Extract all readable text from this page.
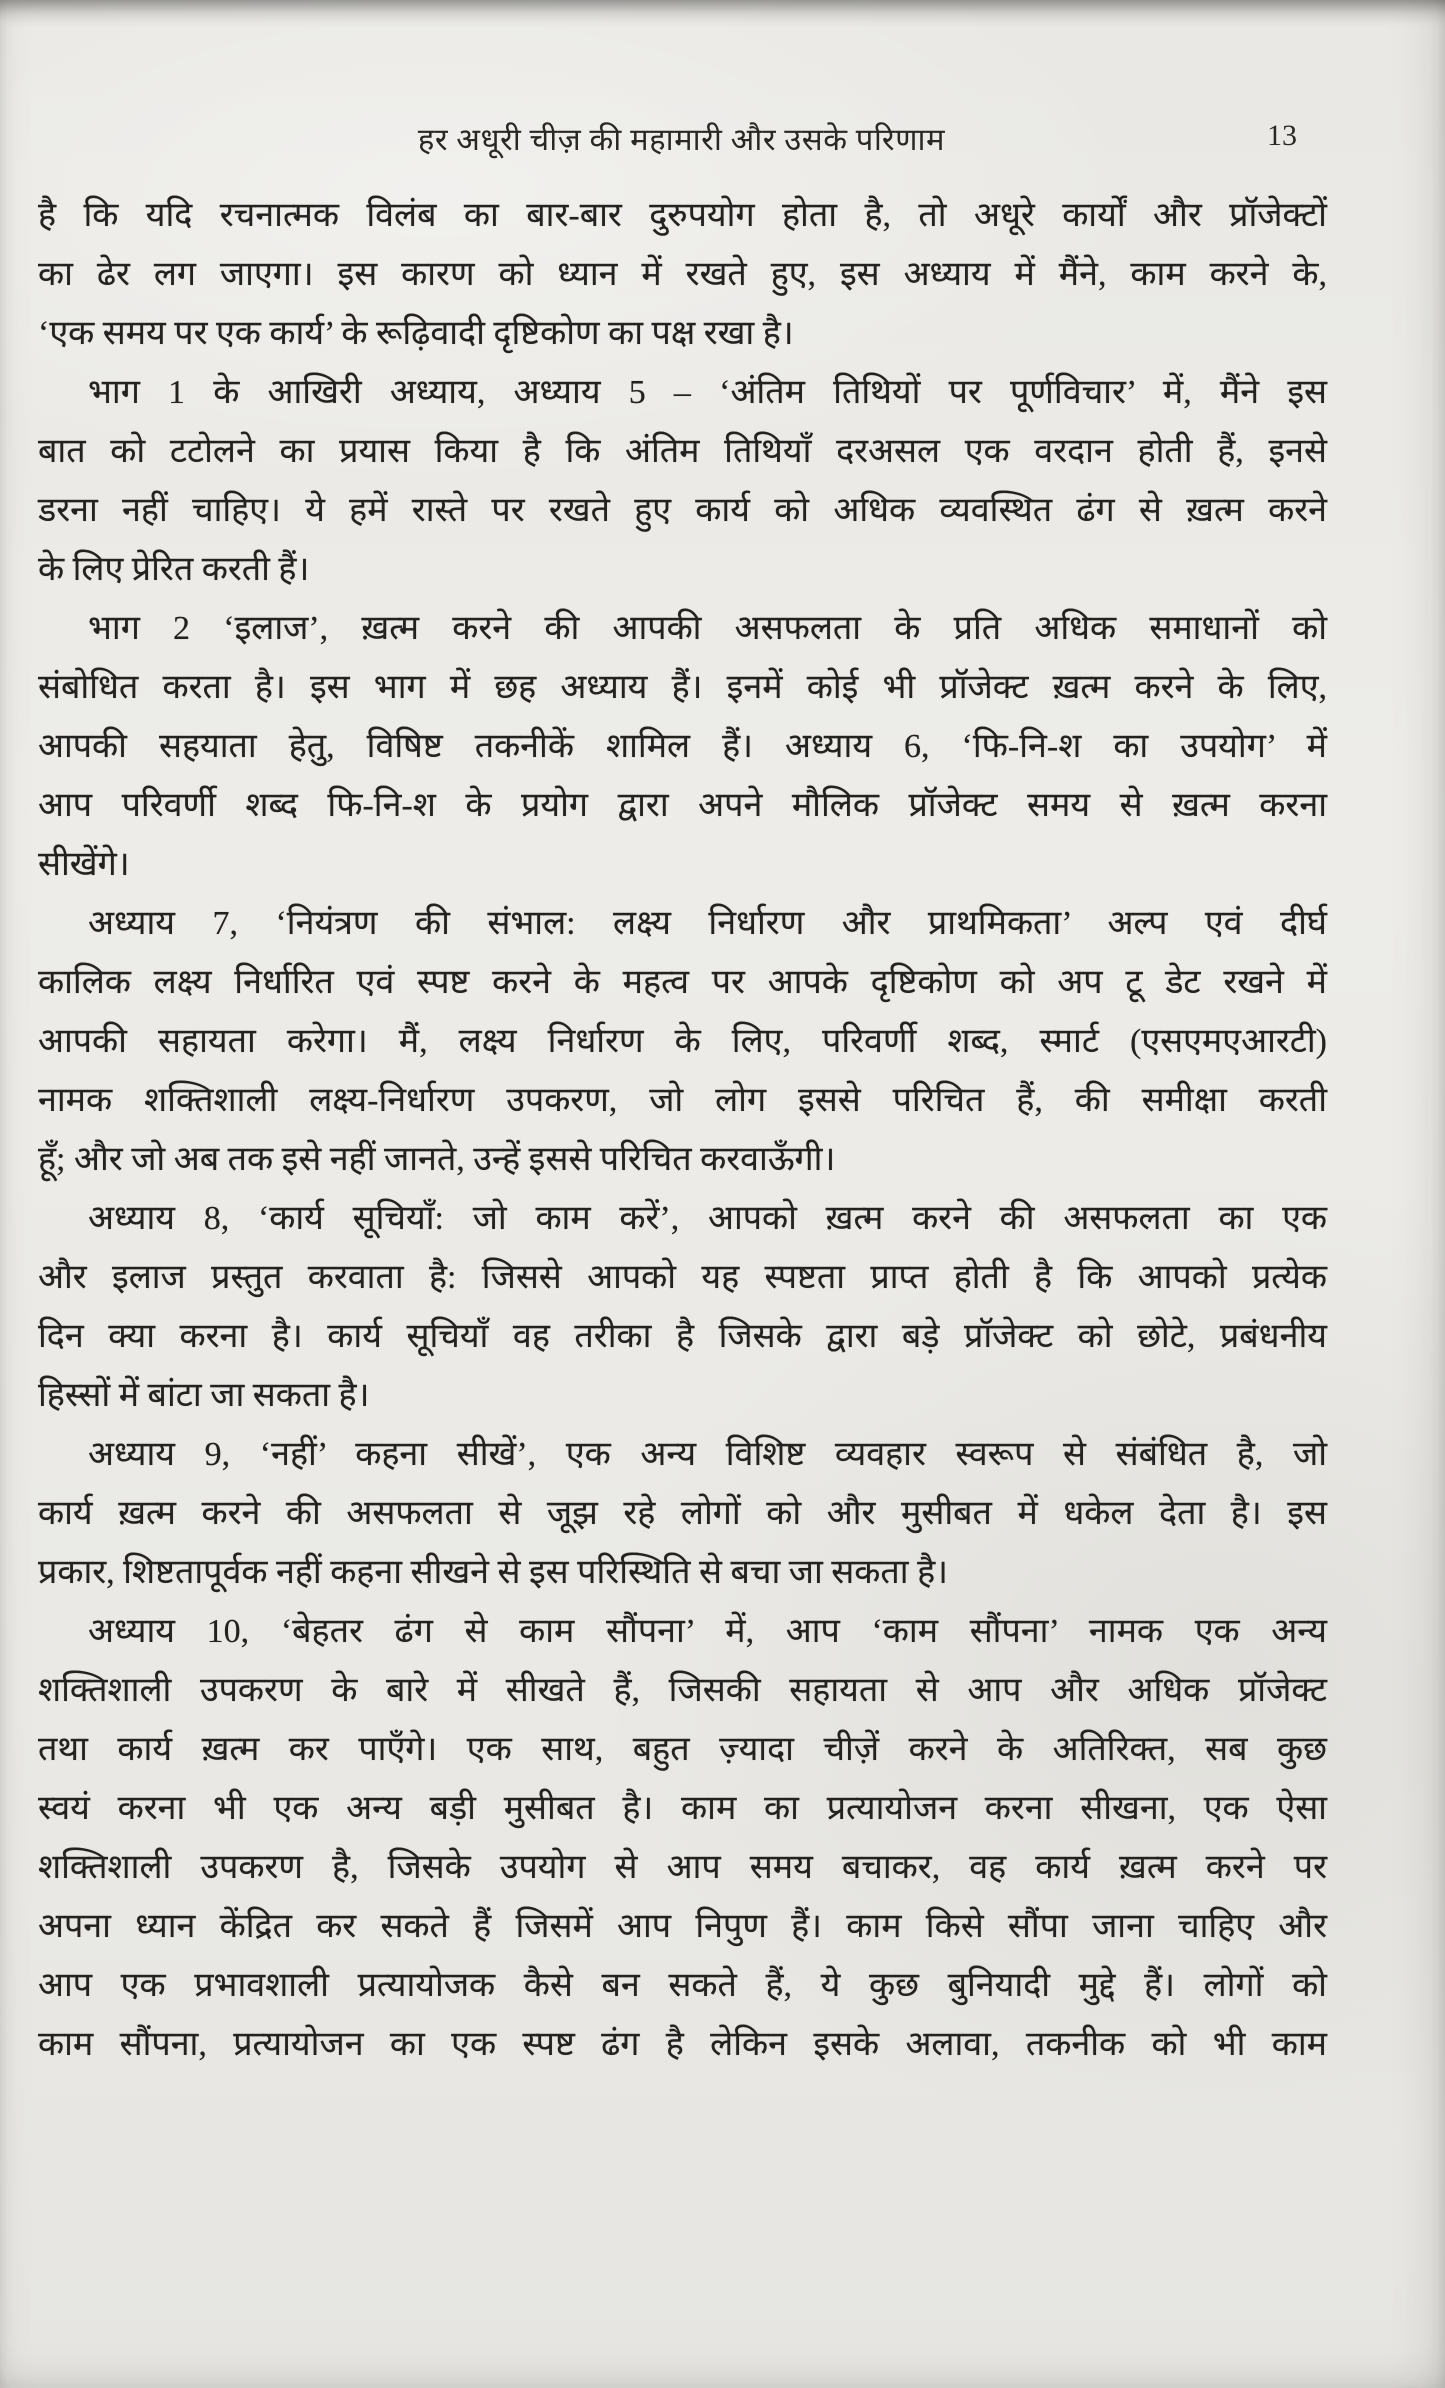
हर अधूरी चीज़ की महामारी और उसके परिणाम	13
है कि यदि रचनात्मक विलंब का बार-बार दुरुपयोग होता है, तो अधूरे कार्यों और प्रॉजेक्टों
का ढेर लग जाएगा। इस कारण को ध्यान में रखते हुए, इस अध्याय में मैंने, काम करने के,
‘एक समय पर एक कार्य’ के रूढ़िवादी दृष्टिकोण का पक्ष रखा है।
भाग 1 के आखिरी अध्याय, अध्याय 5 – ‘अंतिम तिथियों पर पूर्णविचार’ में, मैंने इस
बात को टटोलने का प्रयास किया है कि अंतिम तिथियाँ दरअसल एक वरदान होती हैं, इनसे
डरना नहीं चाहिए। ये हमें रास्ते पर रखते हुए कार्य को अधिक व्यवस्थित ढंग से ख़त्म करने
के लिए प्रेरित करती हैं।
भाग 2 ‘इलाज’, ख़त्म करने की आपकी असफलता के प्रति अधिक समाधानों को
संबोधित करता है। इस भाग में छह अध्याय हैं। इनमें कोई भी प्रॉजेक्ट ख़त्म करने के लिए,
आपकी सहयाता हेतु, विषिष्ट तकनीकें शामिल हैं। अध्याय 6, ‘फि-नि-श का उपयोग’ में
आप परिवर्णी शब्द फि-नि-श के प्रयोग द्वारा अपने मौलिक प्रॉजेक्ट समय से ख़त्म करना
सीखेंगे।
अध्याय 7, ‘नियंत्रण की संभाल: लक्ष्य निर्धारण और प्राथमिकता’ अल्प एवं दीर्घ
कालिक लक्ष्य निर्धारित एवं स्पष्ट करने के महत्व पर आपके दृष्टिकोण को अप टू डेट रखने में
आपकी सहायता करेगा। मैं, लक्ष्य निर्धारण के लिए, परिवर्णी शब्द, स्मार्ट (एसएमएआरटी)
नामक शक्तिशाली लक्ष्य-निर्धारण उपकरण, जो लोग इससे परिचित हैं, की समीक्षा करती
हूँ; और जो अब तक इसे नहीं जानते, उन्हें इससे परिचित करवाऊँगी।
अध्याय 8, ‘कार्य सूचियाँ: जो काम करें’, आपको ख़त्म करने की असफलता का एक
और इलाज प्रस्तुत करवाता है: जिससे आपको यह स्पष्टता प्राप्त होती है कि आपको प्रत्येक
दिन क्या करना है। कार्य सूचियाँ वह तरीका है जिसके द्वारा बड़े प्रॉजेक्ट को छोटे, प्रबंधनीय
हिस्सों में बांटा जा सकता है।
अध्याय 9, ‘नहीं’ कहना सीखें’, एक अन्य विशिष्ट व्यवहार स्वरूप से संबंधित है, जो
कार्य ख़त्म करने की असफलता से जूझ रहे लोगों को और मुसीबत में धकेल देता है। इस
प्रकार, शिष्टतापूर्वक नहीं कहना सीखने से इस परिस्थिति से बचा जा सकता है।
अध्याय 10, ‘बेहतर ढंग से काम सौंपना’ में, आप ‘काम सौंपना’ नामक एक अन्य
शक्तिशाली उपकरण के बारे में सीखते हैं, जिसकी सहायता से आप और अधिक प्रॉजेक्ट
तथा कार्य ख़त्म कर पाएँगे। एक साथ, बहुत ज़्यादा चीज़ें करने के अतिरिक्त, सब कुछ
स्वयं करना भी एक अन्य बड़ी मुसीबत है। काम का प्रत्यायोजन करना सीखना, एक ऐसा
शक्तिशाली उपकरण है, जिसके उपयोग से आप समय बचाकर, वह कार्य ख़त्म करने पर
अपना ध्यान केंद्रित कर सकते हैं जिसमें आप निपुण हैं। काम किसे सौंपा जाना चाहिए और
आप एक प्रभावशाली प्रत्यायोजक कैसे बन सकते हैं, ये कुछ बुनियादी मुद्दे हैं। लोगों को
काम सौंपना, प्रत्यायोजन का एक स्पष्ट ढंग है लेकिन इसके अलावा, तकनीक को भी काम
